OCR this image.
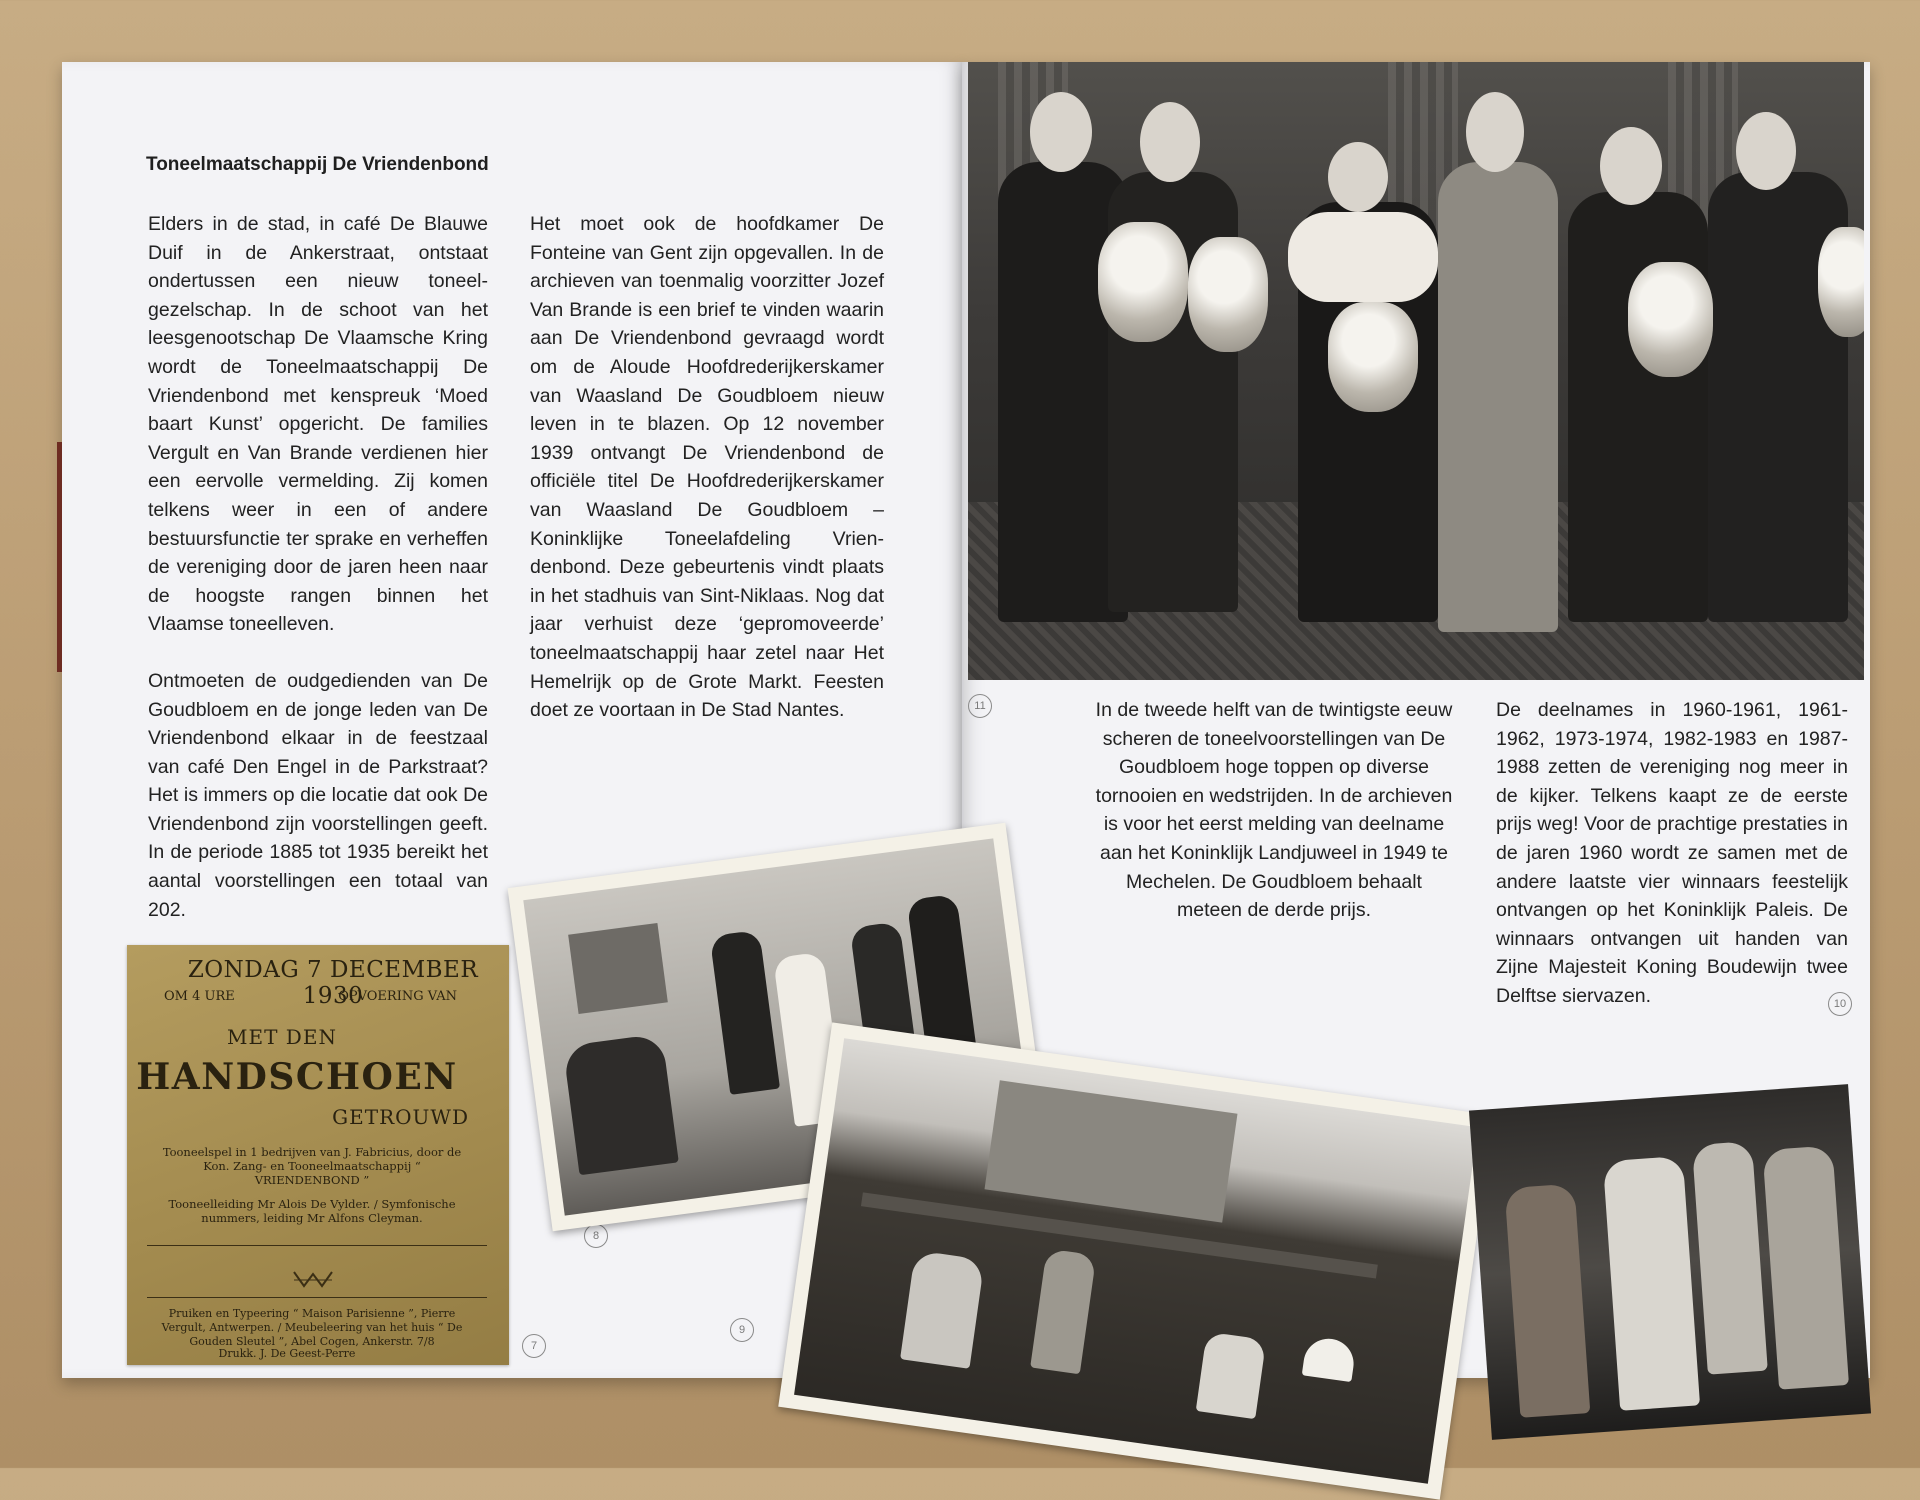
Toneelmaatschappij De Vriendenbond

Elders in de stad, in café De Blauwe Duif in de Ankerstraat, ontstaat ondertussen een nieuw toneelgezelschap. In de schoot van het leesgenootschap De Vlaamsche Kring wordt de Toneelmaatschappij De Vriendenbond met kenspreuk ‘Moed baart Kunst’ opgericht. De families Vergult en Van Brande verdienen hier een eervolle vermelding. Zij komen telkens weer in een of andere bestuursfunctie ter sprake en verheffen de vereniging door de jaren heen naar de hoogste rangen binnen het Vlaamse toneelleven.

Ontmoeten de oudgedienden van De Goudbloem en de jonge leden van De Vriendenbond elkaar in de feestzaal van café Den Engel in de Parkstraat? Het is immers op die locatie dat ook De Vriendenbond zijn voorstellingen geeft. In de periode 1885 tot 1935 bereikt het aantal voorstellingen een totaal van 202.

Het moet ook de hoofdkamer De Fonteine van Gent zijn opgevallen. In de archieven van toenmalig voorzitter Jozef Van Brande is een brief te vinden waarin aan De Vriendenbond gevraagd wordt om de Aloude Hoofdrederijkerskamer van Waasland De Goudbloem nieuw leven in te blazen. Op 12 november 1939 ontvangt De Vriendenbond de officiële titel De Hoofdrederijkerskamer van Waasland De Goudbloem – Koninklijke Toneelafdeling Vriendenbond. Deze gebeurtenis vindt plaats in het stadhuis van Sint-Niklaas. Nog dat jaar verhuist deze ‘gepromoveerde’ toneelmaatschappij haar zetel naar Het Hemelrijk op de Grote Markt. Feesten doet ze voortaan in De Stad Nantes.

ZONDAG 7 DECEMBER 1930
OM 4 URE	OPVOERING VAN
MET DEN
HANDSCHOEN
GETROUWD
Tooneelspel in 1 bedrijven van J. Fabricius, door de Kon. Zang- en Tooneelmaatschappij “ VRIENDENBOND ”
Tooneelleiding Mr Alois De Vylder. / Symfonische nummers, leiding Mr Alfons Cleyman.
Pruiken en Typeering “ Maison Parisienne ”, Pierre Vergult, Antwerpen. / Meubeleering van het huis “ De Gouden Sleutel ”, Abel Cogen, Ankerstr. 7/8
Drukk. J. De Geest-Perre
7
8
9
11
10
In de tweede helft van de twintigste eeuw scheren de toneelvoorstellingen van De Goudbloem hoge toppen op diverse tornooien en wedstrijden. In de archieven is voor het eerst melding van deelname aan het Koninklijk Landjuweel in 1949 te Mechelen. De Goudbloem behaalt meteen de derde prijs.
De deelnames in 1960-1961, 1961-1962, 1973-1974, 1982-1983 en 1987-1988 zetten de vereniging nog meer in de kijker. Telkens kaapt ze de eerste prijs weg! Voor de prachtige prestaties in de jaren 1960 wordt ze samen met de andere laatste vier winnaars feestelijk ontvangen op het Koninklijk Paleis. De winnaars ontvangen uit handen van Zijne Majesteit Koning Boudewijn twee Delftse siervazen.
